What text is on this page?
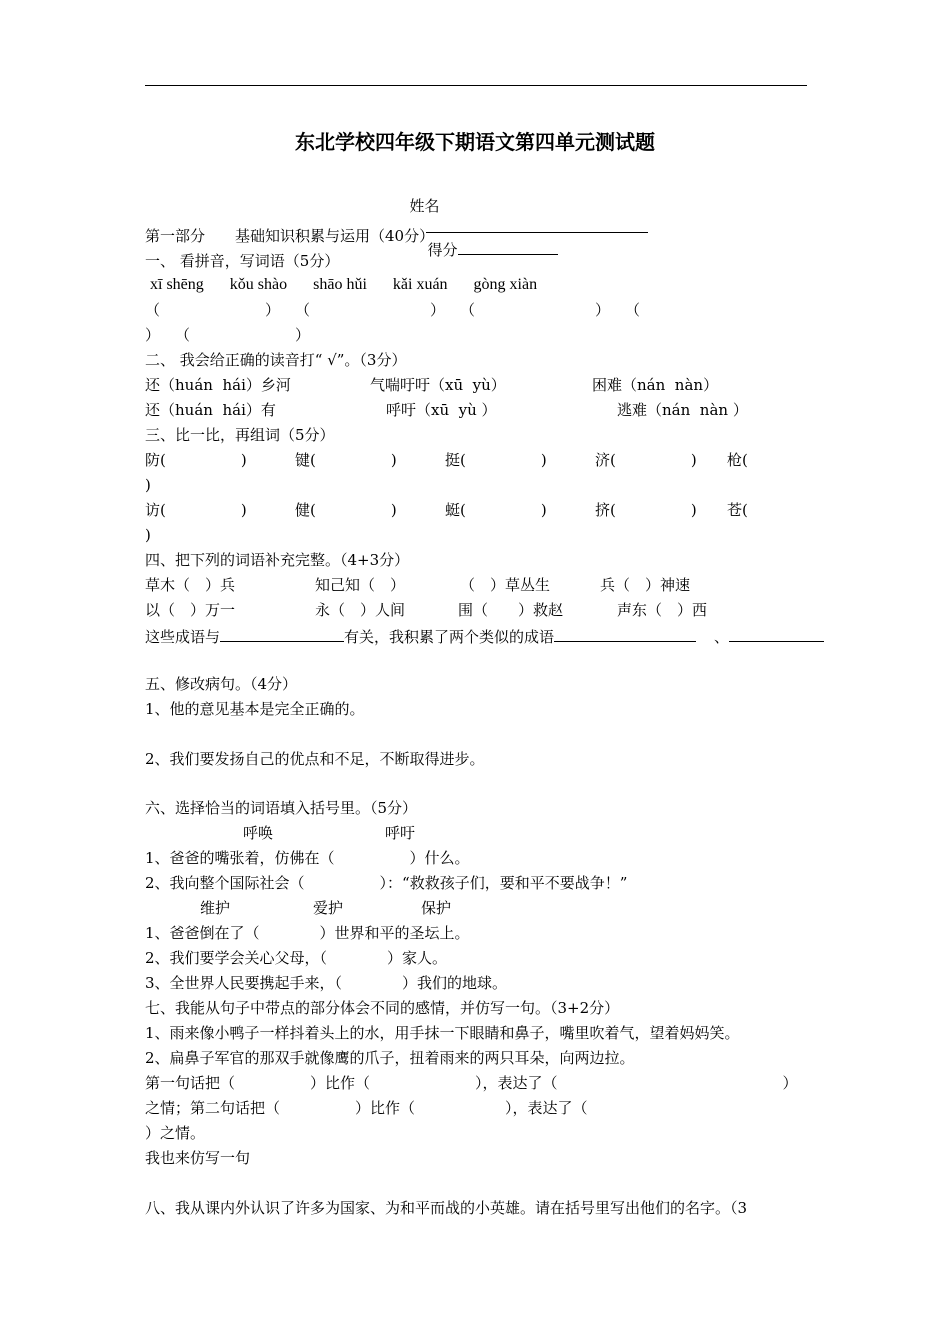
东北学校四年级下期语文第四单元测试题

姓名

得分

第一部分　　基础知识积累与运用（40分）
一、 看拼音，写词语（5分）
xī shēng kǒu shào shāo hǔi kǎi xuán gòng xiàn
（　　　　　　　）　　（　　　　　　　　）　　（　　　　　　　　）　　（
）　　（　　　　　　　）
二、 我会给正确的读音打“ √”。（3分）
还（huán  hái）乡河	气喘吁吁（xū  yù）	困难（nán  nàn）
还（huán  hái）有	呼吁（xū  yù ）	逃难（nán  nàn ）
三、比一比，再组词（5分）
防(　　　　　)	键(　　　　　)	挺(　　　　　)	济(　　　　　) 枪(
)
访(　　　　　)	健(　　　　　)	蜓(　　　　　)	挤(　　　　　) 苍(
)
四、把下列的词语补充完整。（4+3分）
草木（　）兵	知己知（　）	（　）草丛生	兵（　）神速
以（　）万一	永（　）人间	围（　　）救赵	声东（　）西
这些成语与	有关，我积累了两个类似的成语	、
五、修改病句。（4分）
1、他的意见基本是完全正确的。
2、我们要发扬自己的优点和不足，不断取得进步。
六、选择恰当的词语填入括号里。（5分）
呼唤	呼吁
1、爸爸的嘴张着，仿佛在（　　　　　）什么。
2、我向整个国际社会（　　　　　）：“救救孩子们，要和平不要战争！”
维护	爱护	保护
1、爸爸倒在了（　　　　）世界和平的圣坛上。
2、我们要学会关心父母，（　　　　）家人。
3、全世界人民要携起手来，（　　　　）我们的地球。
七、我能从句子中带点的部分体会不同的感情，并仿写一句。（3+2分）
1、雨来像小鸭子一样抖着头上的水，用手抹一下眼睛和鼻子，嘴里吹着气，望着妈妈笑。
2、扁鼻子军官的那双手就像鹰的爪子，扭着雨来的两只耳朵，向两边拉。
第一句话把（　　　　　）比作（　　　　　　　），表达了（　　　　　　　　　　　　　　　）
之情；第二句话把（　　　　　）比作（　　　　　　），表达了（
）之情。
我也来仿写一句
八、我从课内外认识了许多为国家、为和平而战的小英雄。请在括号里写出他们的名字。（3
